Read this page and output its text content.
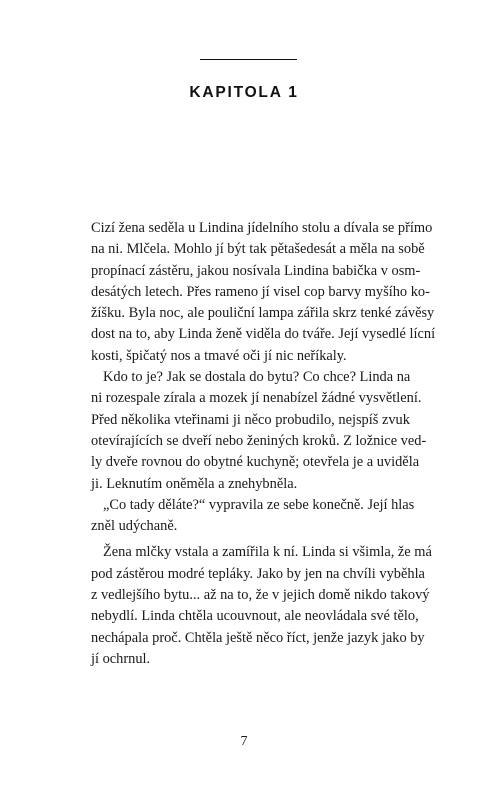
KAPITOLA 1
Cizí žena seděla u Lindina jídelního stolu a dívala se přímo
na ni. Mlčela. Mohlo jí být tak pětašedesát a měla na sobě
propínací zástěru, jakou nosívala Lindina babička v osm-
desátých letech. Přes rameno jí visel cop barvy myšího ko-
žíšku. Byla noc, ale pouliční lampa zářila skrz tenké závěsy
dost na to, aby Linda ženě viděla do tváře. Její vysedlé lícní
kosti, špičatý nos a tmavé oči jí nic neříkaly.
Kdo to je? Jak se dostala do bytu? Co chce? Linda na
ni rozespale zírala a mozek jí nenabízel žádné vysvětlení.
Před několika vteřinami ji něco probudilo, nejspíš zvuk
otevírajících se dveří nebo ženiných kroků. Z ložnice ved-
ly dveře rovnou do obytné kuchyně; otevřela je a uviděla
ji. Leknutím oněměla a znehybněla.
„Co tady děláte?“ vypravila ze sebe konečně. Její hlas
zněl udýchaně.
Žena mlčky vstala a zamířila k ní. Linda si všimla, že má
pod zástěrou modré tepláky. Jako by jen na chvíli vyběhla
z vedlejšího bytu... až na to, že v jejich domě nikdo takový
nebydlí. Linda chtěla ucouvnout, ale neovládala své tělo,
nechápala proč. Chtěla ještě něco říct, jenže jazyk jako by
jí ochrnul.
7
